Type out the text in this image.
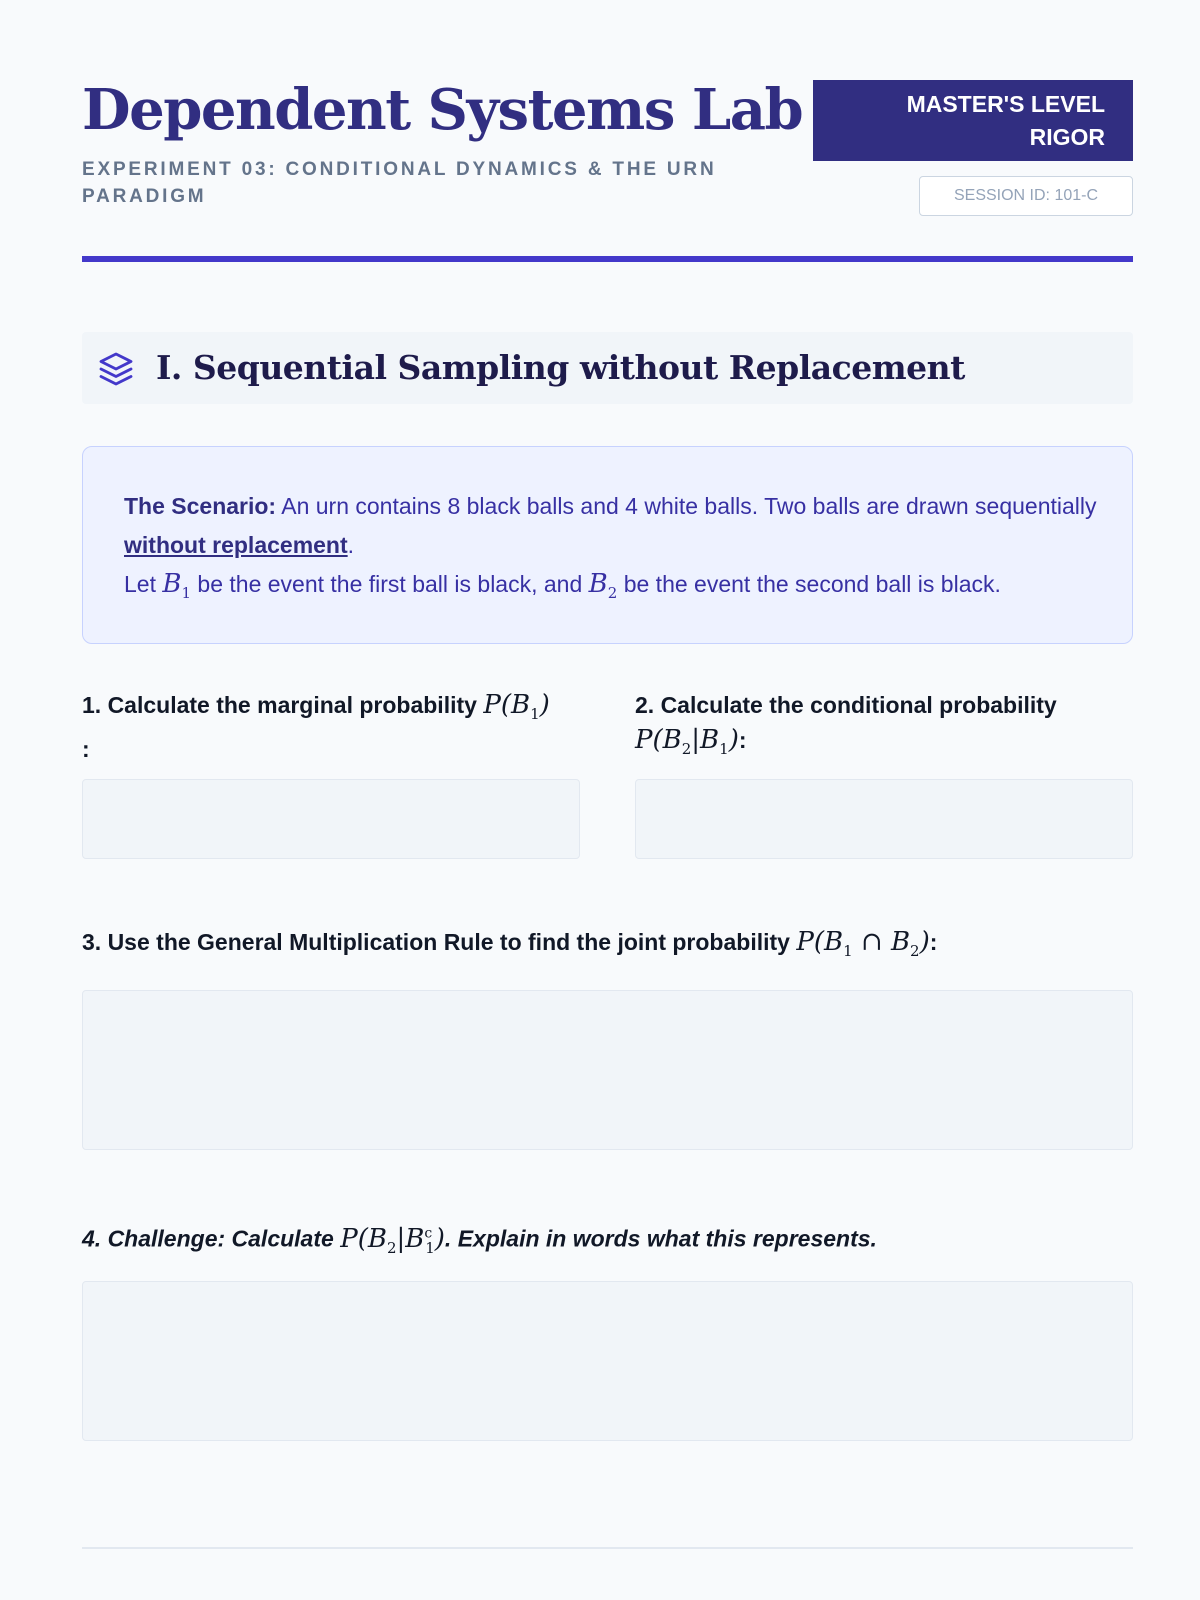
Dependent Systems Lab
EXPERIMENT 03: CONDITIONAL DYNAMICS & THE URN PARADIGM
MASTER'S LEVEL
RIGOR
SESSION ID: 101-C
I. Sequential Sampling without Replacement

The Scenario: An urn contains 8 black balls and 4 white balls. Two balls are drawn sequentially without replacement.

Let $B_1$ be the event the first ball is black, and $B_2$ be the event the second ball is black.

1. Calculate the marginal probability $P(B_1)$
:

2. Calculate the conditional probability
$P(B_2|B_1)$:

3. Use the General Multiplication Rule to find the joint probability $P(B_1$ ∩ $B_2$):

4. Challenge: Calculate $P(B_2|B^c_1)$. Explain in words what this represents.
